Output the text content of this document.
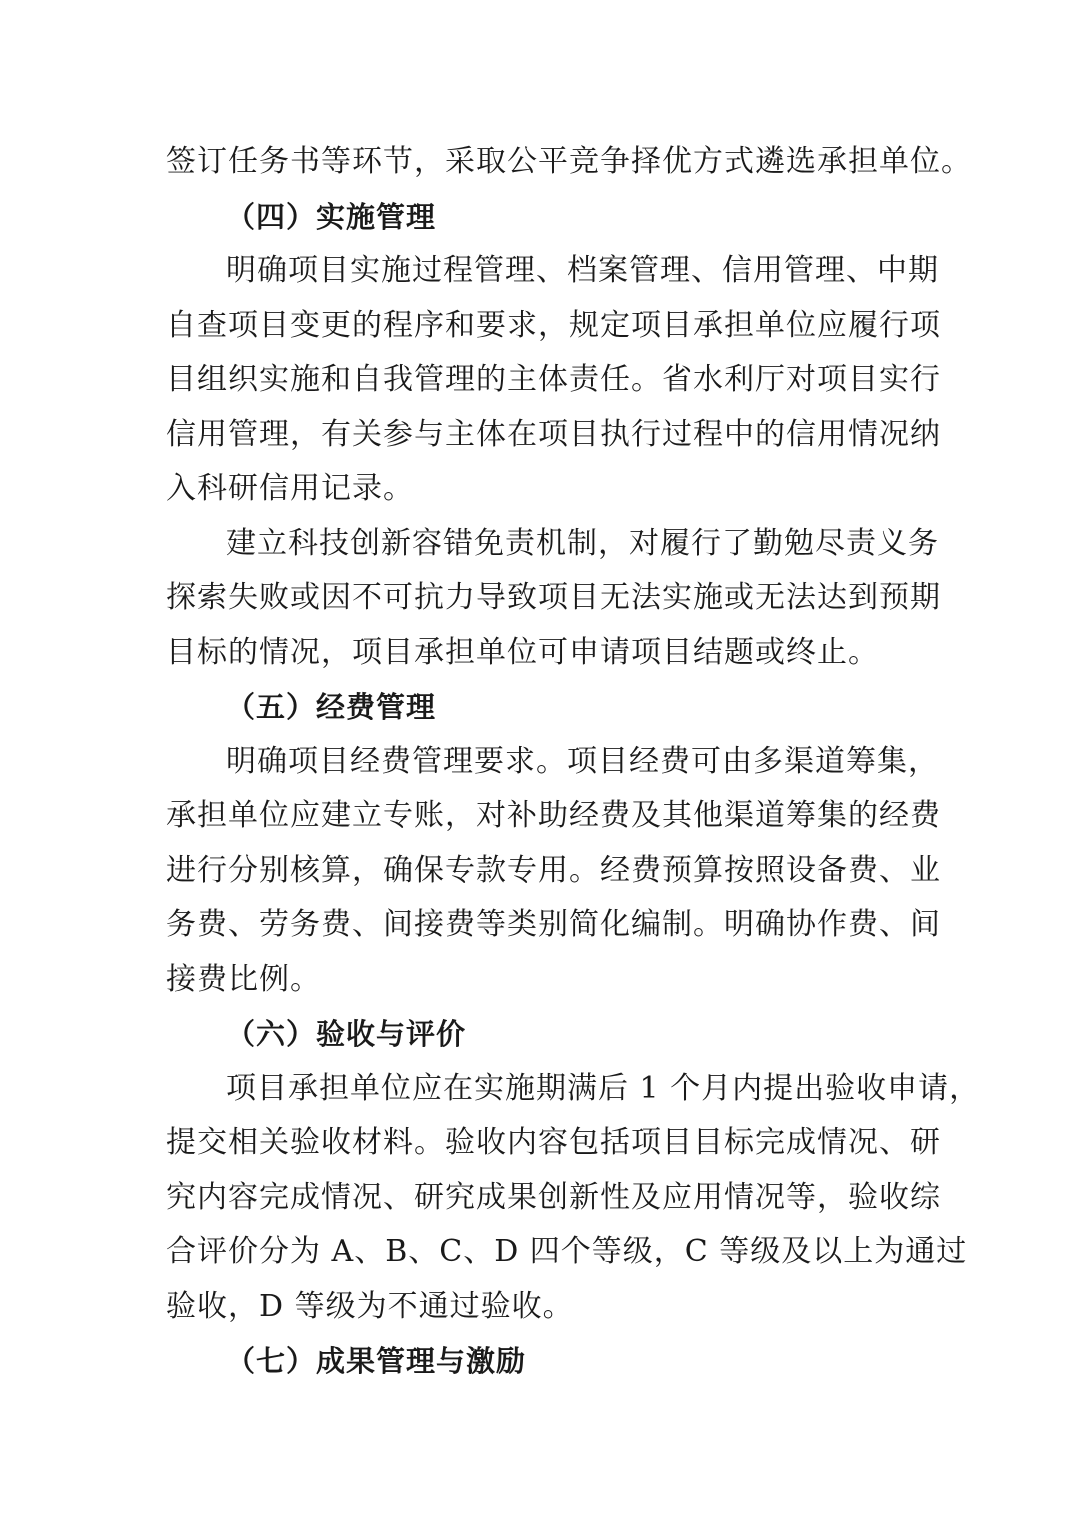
签订任务书等环节，采取公平竞争择优方式遴选承担单位。
（四）实施管理
明确项目实施过程管理、档案管理、信用管理、中期
自查项目变更的程序和要求，规定项目承担单位应履行项
目组织实施和自我管理的主体责任。省水利厅对项目实行
信用管理，有关参与主体在项目执行过程中的信用情况纳
入科研信用记录。
建立科技创新容错免责机制，对履行了勤勉尽责义务
探索失败或因不可抗力导致项目无法实施或无法达到预期
目标的情况，项目承担单位可申请项目结题或终止。
（五）经费管理
明确项目经费管理要求。项目经费可由多渠道筹集，
承担单位应建立专账，对补助经费及其他渠道筹集的经费
进行分别核算，确保专款专用。经费预算按照设备费、业
务费、劳务费、间接费等类别简化编制。明确协作费、间
接费比例。
（六）验收与评价
项目承担单位应在实施期满后 1 个月内提出验收申请，
提交相关验收材料。验收内容包括项目目标完成情况、研
究内容完成情况、研究成果创新性及应用情况等，验收综
合评价分为 A、B、C、D 四个等级，C 等级及以上为通过
验收，D 等级为不通过验收。
（七）成果管理与激励
